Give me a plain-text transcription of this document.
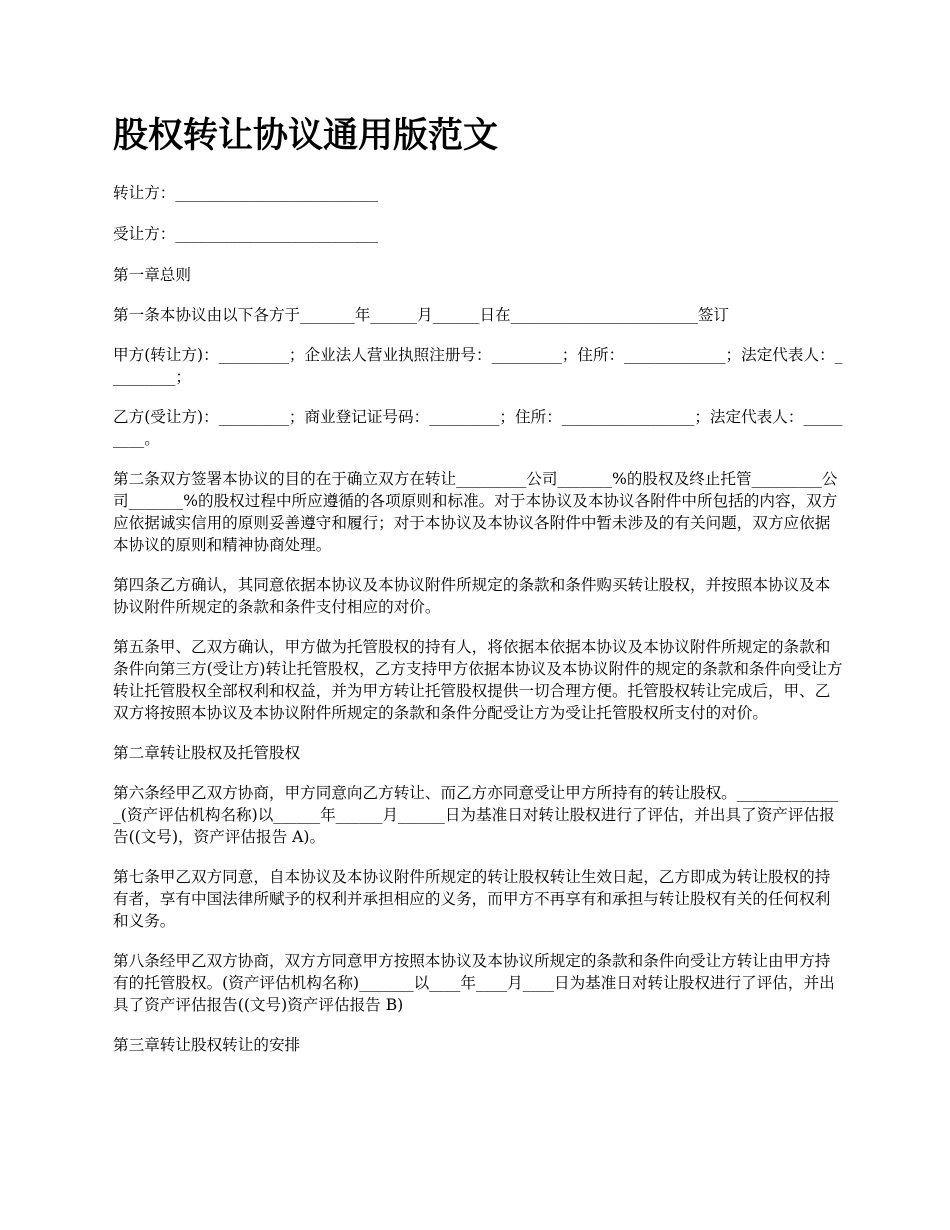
股权转让协议通用版范文

转让方：__________________________

受让方：__________________________

第一章总则

第一条本协议由以下各方于_______年______月______日在________________________签订

甲方(转让方)：_________；企业法人营业执照注册号：_________；住所：_____________；法定代表人：_________；

乙方(受让方)：_________；商业登记证号码：_________；住所：_________________；法定代表人：_________。

第二条双方签署本协议的目的在于确立双方在转让_________公司_______%的股权及终止托管_________公司_______%的股权过程中所应遵循的各项原则和标准。对于本协议及本协议各附件中所包括的内容，双方应依据诚实信用的原则妥善遵守和履行；对于本协议及本协议各附件中暂未涉及的有关问题，双方应依据本协议的原则和精神协商处理。

第四条乙方确认，其同意依据本协议及本协议附件所规定的条款和条件购买转让股权，并按照本协议及本协议附件所规定的条款和条件支付相应的对价。

第五条甲、乙双方确认，甲方做为托管股权的持有人，将依据本依据本协议及本协议附件所规定的条款和条件向第三方(受让方)转让托管股权，乙方支持甲方依据本协议及本协议附件的规定的条款和条件向受让方转让托管股权全部权利和权益，并为甲方转让托管股权提供一切合理方便。托管股权转让完成后，甲、乙双方将按照本协议及本协议附件所规定的条款和条件分配受让方为受让托管股权所支付的对价。

第二章转让股权及托管股权

第六条经甲乙双方协商，甲方同意向乙方转让、而乙方亦同意受让甲方所持有的转让股权。______________(资产评估机构名称)以______年______月______日为基准日对转让股权进行了评估，并出具了资产评估报告((文号)，资产评估报告 A)。

第七条甲乙双方同意，自本协议及本协议附件所规定的转让股权转让生效日起，乙方即成为转让股权的持有者，享有中国法律所赋予的权利并承担相应的义务，而甲方不再享有和承担与转让股权有关的任何权利和义务。

第八条经甲乙双方协商，双方方同意甲方按照本协议及本协议所规定的条款和条件向受让方转让由甲方持有的托管股权。(资产评估机构名称)_______以____年____月____日为基准日对转让股权进行了评估，并出具了资产评估报告((文号)资产评估报告 B)

第三章转让股权转让的安排
